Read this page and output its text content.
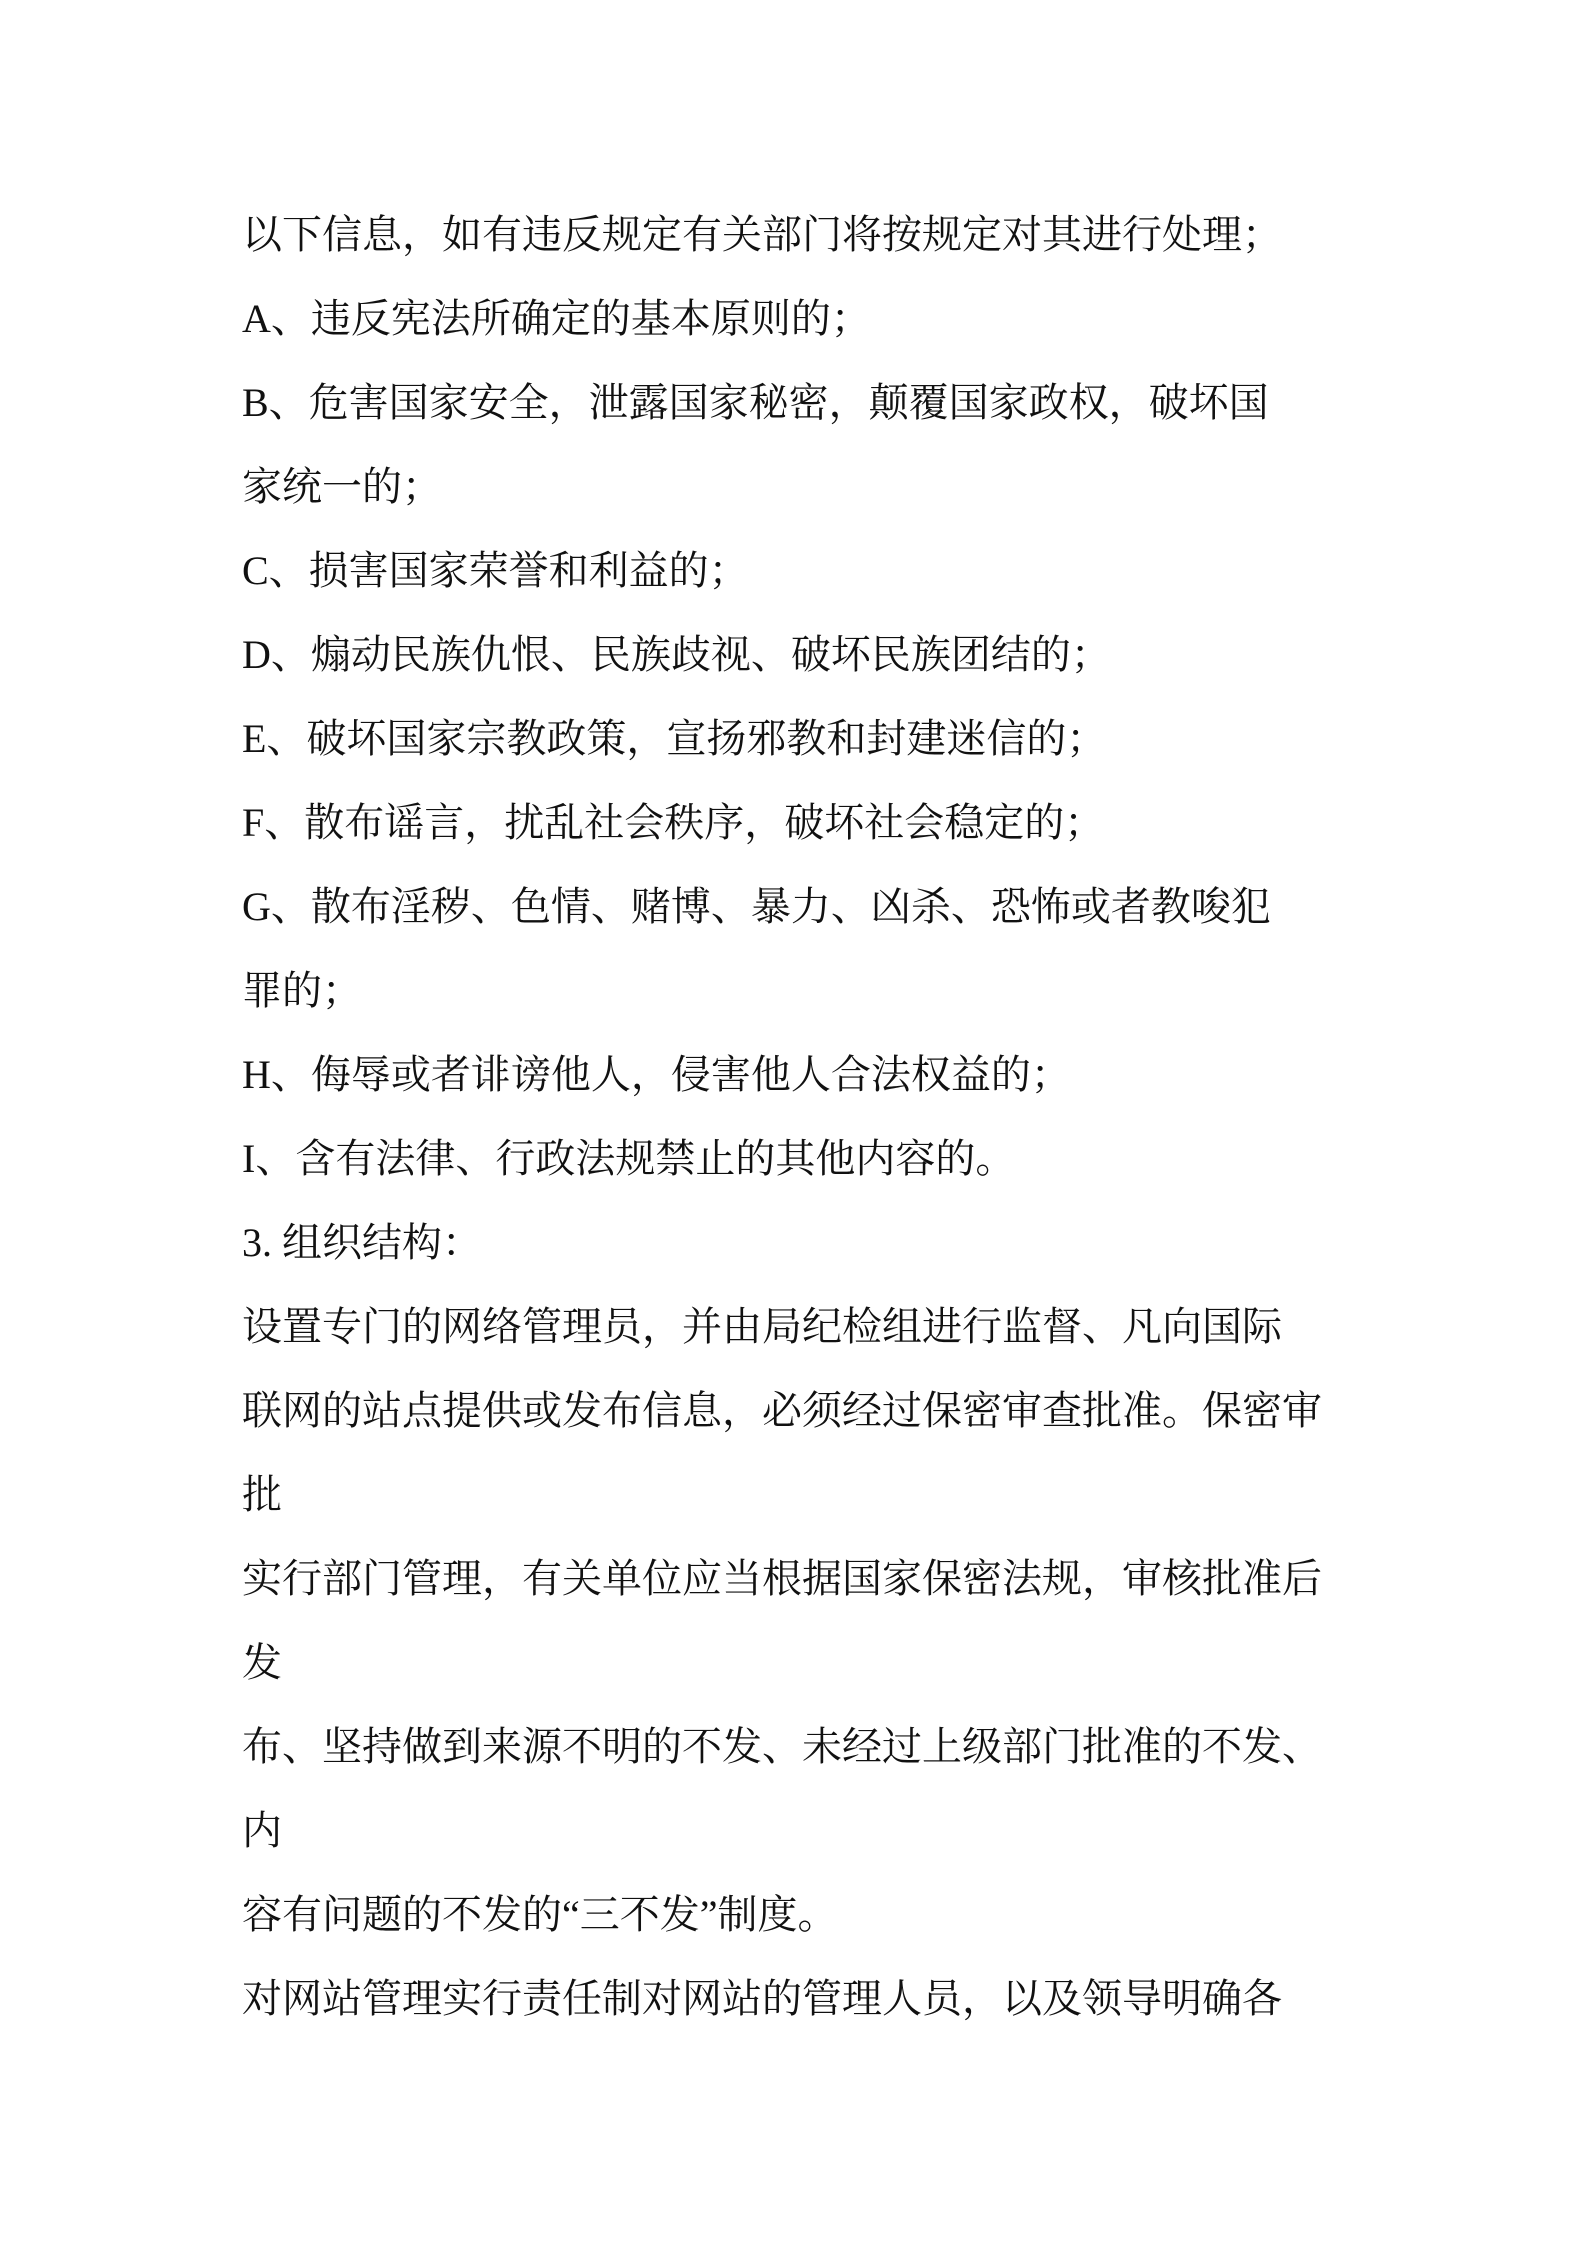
以下信息，如有违反规定有关部门将按规定对其进行处理；
A、违反宪法所确定的基本原则的；
B、危害国家安全，泄露国家秘密，颠覆国家政权，破坏国
家统一的；
C、损害国家荣誉和利益的；
D、煽动民族仇恨、民族歧视、破坏民族团结的；
E、破坏国家宗教政策，宣扬邪教和封建迷信的；
F、散布谣言，扰乱社会秩序，破坏社会稳定的；
G、散布淫秽、色情、赌博、暴力、凶杀、恐怖或者教唆犯
罪的；
H、侮辱或者诽谤他人，侵害他人合法权益的；
I、含有法律、行政法规禁止的其他内容的。
3. 组织结构：
设置专门的网络管理员，并由局纪检组进行监督、凡向国际
联网的站点提供或发布信息，必须经过保密审查批准。保密审
批
实行部门管理，有关单位应当根据国家保密法规，审核批准后
发
布、坚持做到来源不明的不发、未经过上级部门批准的不发、
内
容有问题的不发的“三不发”制度。
对网站管理实行责任制对网站的管理人员，以及领导明确各
